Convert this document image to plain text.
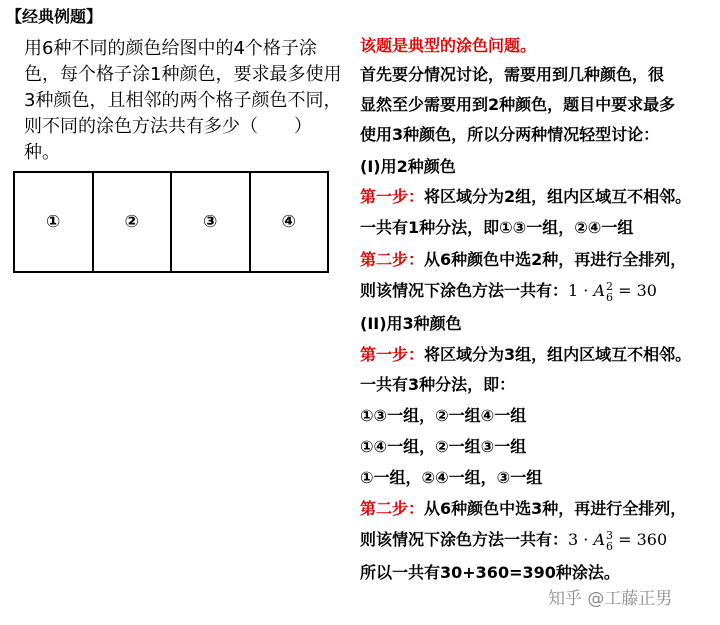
【经典例题】
用6种不同的颜色给图中的4个格子涂色，每个格子涂1种颜色，要求最多使用3种颜色，且相邻的两个格子颜色不同，则不同的涂色方法共有多少（　　）种。
①	②	③	④
该题是典型的涂色问题。
首先要分情况讨论，需要用到几种颜色，很
显然至少需要用到2种颜色，题目中要求最多
使用3种颜色，所以分两种情况轻型讨论：
(I)用2种颜色
第一步：将区域分为2组，组内区域互不相邻。
一共有1种分法，即①③一组，②④一组
第二步：从6种颜色中选2种，再进行全排列，
则该情况下涂色方法一共有：1 · A 2
6 = 30
(II)用3种颜色
第一步：将区域分为3组，组内区域互不相邻。
一共有3种分法，即：
①③一组，②一组④一组
①④一组，②一组③一组
①一组，②④一组，③一组
第二步：从6种颜色中选3种，再进行全排列，
则该情况下涂色方法一共有：3 · A 3
6 = 360
所以一共有30+360=390种涂法。
知乎 @工藤正男
